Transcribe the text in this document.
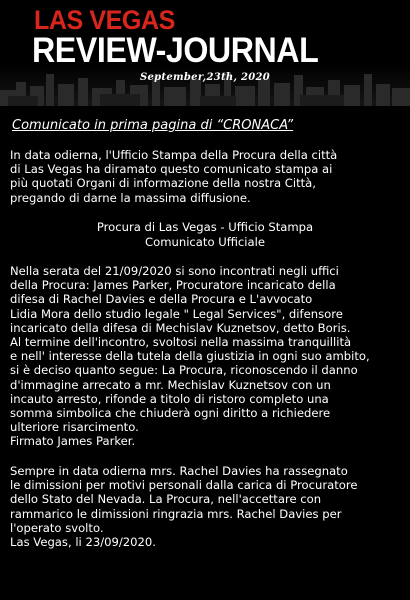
LAS VEGAS
REVIEW-JOURNAL
September,23th, 2020
Comunicato in prima pagina di “CRONACA”
In data odierna, l'Ufficio Stampa della Procura della città
di Las Vegas ha diramato questo comunicato stampa ai
più quotati Organi di informazione della nostra Città,
pregando di darne la massima diffusione.
Procura di Las Vegas - Ufficio Stampa
Comunicato Ufficiale
Nella serata del 21/09/2020 si sono incontrati negli uffici
della Procura: James Parker, Procuratore incaricato della
difesa di Rachel Davies e della Procura e L'avvocato
Lidia Mora dello studio legale " Legal Services", difensore
incaricato della difesa di Mechislav Kuznetsov, detto Boris.
Al termine dell'incontro, svoltosi nella massima tranquillità
e nell' interesse della tutela della giustizia in ogni suo ambito,
si è deciso quanto segue: La Procura, riconoscendo il danno
d'immagine arrecato a mr. Mechislav Kuznetsov con un
incauto arresto, rifonde a titolo di ristoro completo una
somma simbolica che chiuderà ogni diritto a richiedere
ulteriore risarcimento.
Firmato James Parker.
Sempre in data odierna mrs. Rachel Davies ha rassegnato
le dimissioni per motivi personali dalla carica di Procuratore
dello Stato del Nevada. La Procura, nell'accettare con
rammarico le dimissioni ringrazia mrs. Rachel Davies per
l'operato svolto.
Las Vegas, li 23/09/2020.
